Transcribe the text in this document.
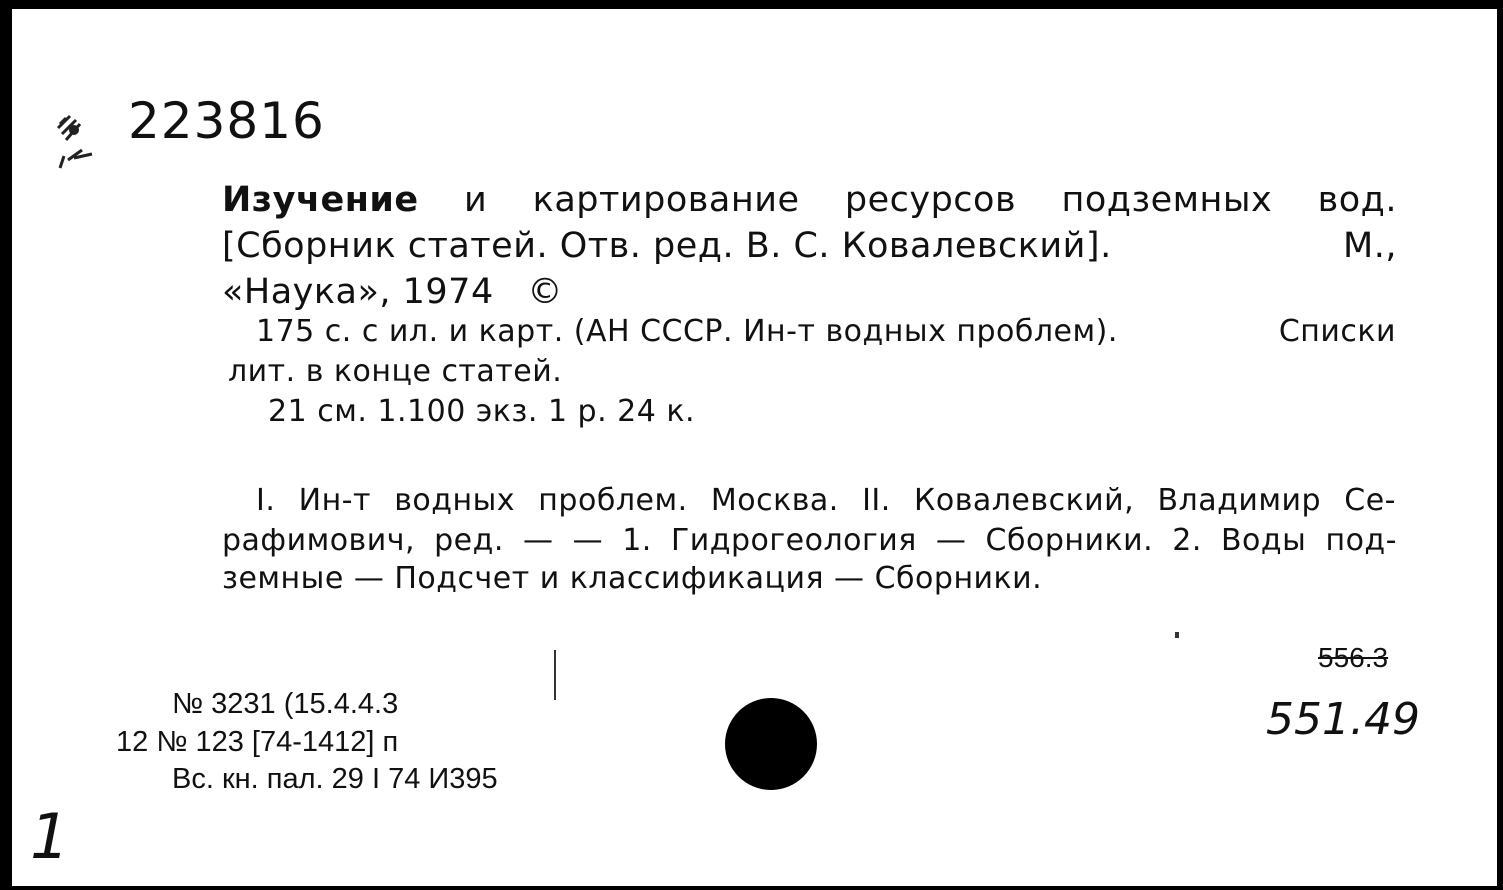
223816
Изучение и картирование ресурсов подземных вод.
[Сборник статей. Отв. ред. В. С. Ковалевский].	М.,
«Наука», 1974 ©
175 с. с ил. и карт. (АН СССР. Ин-т водных проблем).	Списки
лит. в конце статей.
21 см. 1.100 экз. 1 р. 24 к.
I. Ин-т водных проблем. Москва. II. Ковалевский, Владимир Се-
рафимович, ред. — — 1. Гидрогеология — Сборники. 2. Воды под-
земные — Подсчет и классификация — Сборники.
№ 3231 (15.4.4.3
12 № 123 [74-1412] п
Вс. кн. пал. 29 I 74 И395
556.3
551.49
1
